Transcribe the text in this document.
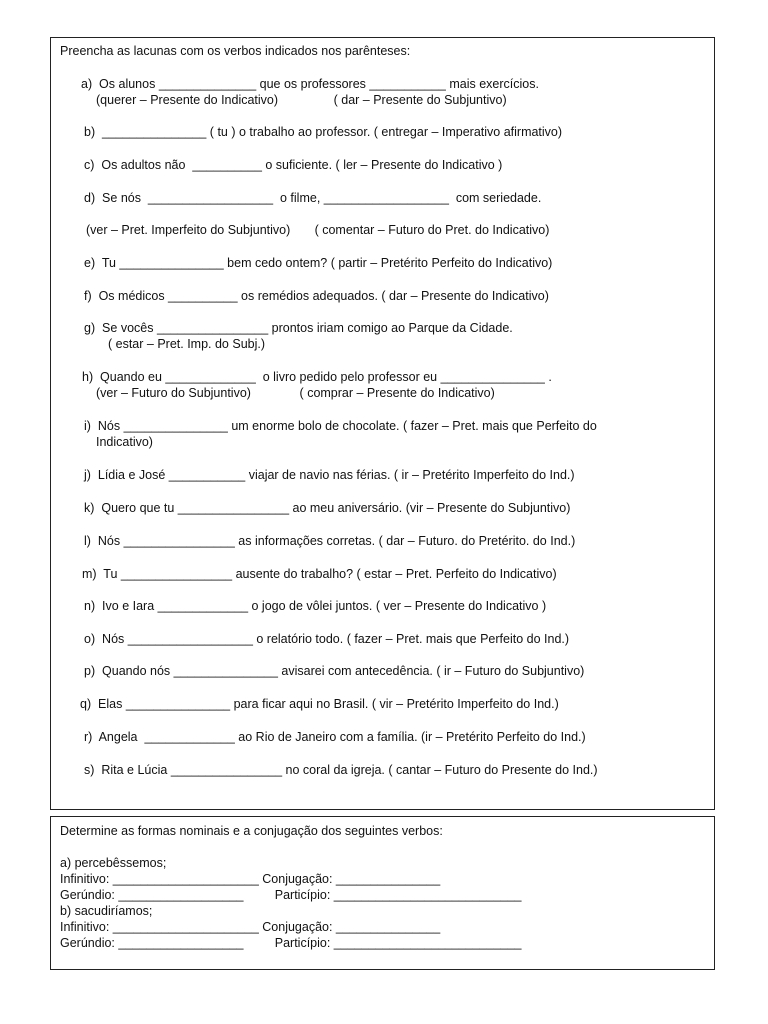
Preencha as lacunas com os verbos indicados nos parênteses:
a)  Os alunos ______________ que os professores ___________ mais exercícios.
(querer – Presente do Indicativo)                ( dar – Presente do Subjuntivo)
b)  _______________ ( tu ) o trabalho ao professor. ( entregar – Imperativo afirmativo)
c)  Os adultos não  __________ o suficiente. ( ler – Presente do Indicativo )
d)  Se nós  __________________  o filme, __________________  com seriedade.
(ver – Pret. Imperfeito do Subjuntivo)       ( comentar – Futuro do Pret. do Indicativo)
e)  Tu _______________ bem cedo ontem? ( partir – Pretérito Perfeito do Indicativo)
f)  Os médicos __________ os remédios adequados. ( dar – Presente do Indicativo)
g)  Se vocês ________________ prontos iriam comigo ao Parque da Cidade.
( estar – Pret. Imp. do Subj.)
h)  Quando eu _____________  o livro pedido pelo professor eu _______________ .
(ver – Futuro do Subjuntivo)              ( comprar – Presente do Indicativo)
i)  Nós _______________ um enorme bolo de chocolate. ( fazer – Pret. mais que Perfeito do
Indicativo)
j)  Lídia e José ___________ viajar de navio nas férias. ( ir – Pretérito Imperfeito do Ind.)
k)  Quero que tu ________________ ao meu aniversário. (vir – Presente do Subjuntivo)
l)  Nós ________________ as informações corretas. ( dar – Futuro. do Pretérito. do Ind.)
m)  Tu ________________ ausente do trabalho? ( estar – Pret. Perfeito do Indicativo)
n)  Ivo e Iara _____________ o jogo de vôlei juntos. ( ver – Presente do Indicativo )
o)  Nós __________________ o relatório todo. ( fazer – Pret. mais que Perfeito do Ind.)
p)  Quando nós _______________ avisarei com antecedência. ( ir – Futuro do Subjuntivo)
q)  Elas _______________ para ficar aqui no Brasil. ( vir – Pretérito Imperfeito do Ind.)
r)  Angela  _____________ ao Rio de Janeiro com a família. (ir – Pretérito Perfeito do Ind.)
s)  Rita e Lúcia ________________ no coral da igreja. ( cantar – Futuro do Presente do Ind.)
Determine as formas nominais e a conjugação dos seguintes verbos:
a) percebêssemos;
Infinitivo: _____________________ Conjugação: _______________
Gerúndio: __________________         Particípio: ___________________________
b) sacudiríamos;
Infinitivo: _____________________ Conjugação: _______________
Gerúndio: __________________         Particípio: ___________________________
